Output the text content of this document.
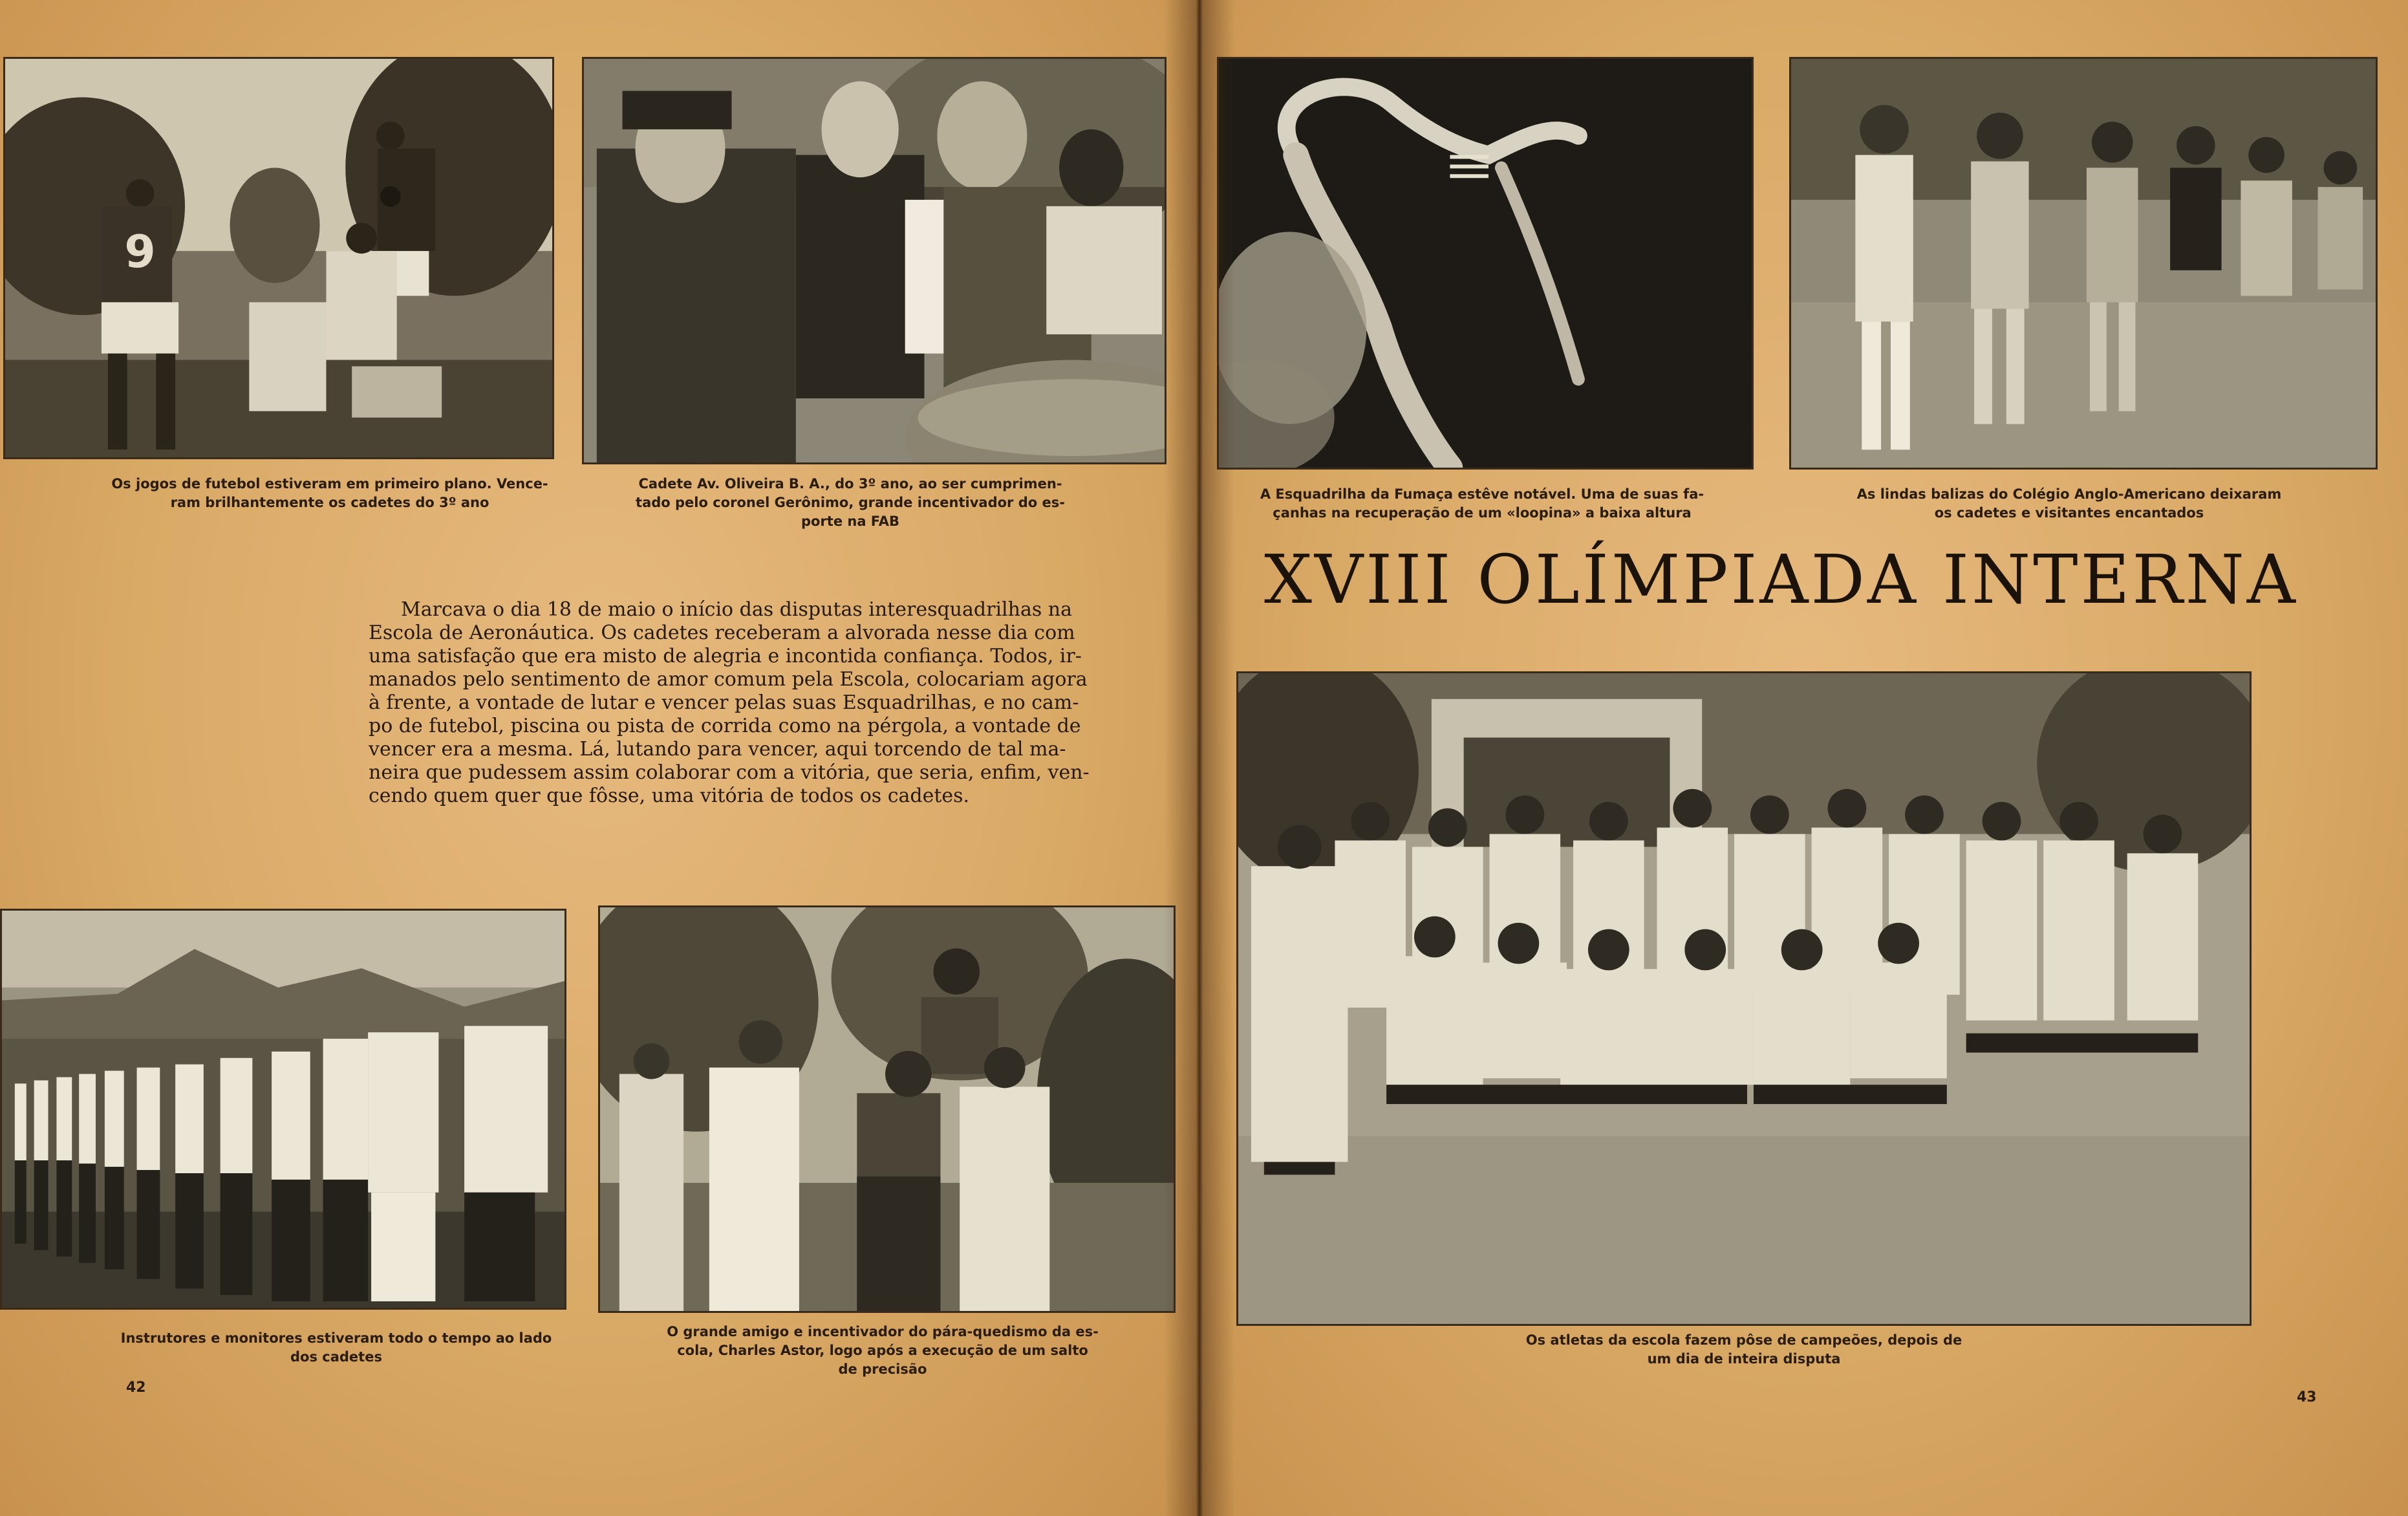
9
Os jogos de futebol estiveram em primeiro plano. Vence-
ram brilhantemente os cadetes do 3º ano
Cadete Av. Oliveira B. A., do 3º ano, ao ser cumprimen-
tado pelo coronel Gerônimo, grande incentivador do es-
porte na FAB
Marcava o dia 18 de maio o início das disputas interesquadrilhas na
Escola de Aeronáutica. Os cadetes receberam a alvorada nesse dia com
uma satisfação que era misto de alegria e incontida confiança. Todos, ir-
manados pelo sentimento de amor comum pela Escola, colocariam agora
à frente, a vontade de lutar e vencer pelas suas Esquadrilhas, e no cam-
po de futebol, piscina ou pista de corrida como na pérgola, a vontade de
vencer era a mesma. Lá, lutando para vencer, aqui torcendo de tal ma-
neira que pudessem assim colaborar com a vitória, que seria, enfim, ven-
cendo quem quer que fôsse, uma vitória de todos os cadetes.
Instrutores e monitores estiveram todo o tempo ao lado
dos cadetes
O grande amigo e incentivador do pára-quedismo da es-
cola, Charles Astor, logo após a execução de um salto
de precisão
42
A Esquadrilha da Fumaça estêve notável. Uma de suas fa-
çanhas na recuperação de um «loopina» a baixa altura
As lindas balizas do Colégio Anglo-Americano deixaram
os cadetes e visitantes encantados
XVIII OLÍMPIADA INTERNA
Os atletas da escola fazem pôse de campeões, depois de
um dia de inteira disputa
43
